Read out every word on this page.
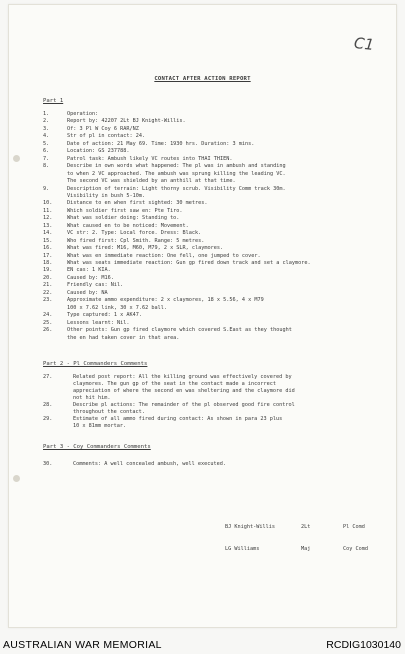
C1
CONTACT AFTER ACTION REPORT
Part 1
1.	Operation:
2.	Report by: 42207 2Lt BJ Knight-Willis.
3.	Of: 3 Pl W Coy 6 RAR/NZ
4.	Str of pl in contact: 24.
5.	Date of action: 21 May 69. Time: 1930 hrs. Duration: 3 mins.
6.	Location: GS 237788.
7.	Patrol task: Ambush likely VC routes into THAI THIEN.
8.	Describe in own words what happened: The pl was in ambush and standing
to when 2 VC approached. The ambush was sprung killing the leading VC.
The second VC was shielded by an anthill at that time.
9.	Description of terrain: Light thorny scrub. Visibility Comm track 30m.
Visibility in bush 5-10m.
10.	Distance to en when first sighted: 30 metres.
11.	Which soldier first saw en: Pte Tiro.
12.	What was soldier doing: Standing to.
13.	What caused en to be noticed: Movement.
14.	VC str: 2. Type: Local force. Dress: Black.
15.	Who fired first: Cpl Smith. Range: 5 metres.
16.	What was fired: M16, M60, M79, 2 x SLR, claymores.
17.	What was en immediate reaction: One fell, one jumped to cover.
18.	What was seats immediate reaction: Gun gp fired down track and set a claymore.
19.	EN cas: 1 KIA.
20.	Caused by: M16.
21.	Friendly cas: Nil.
22.	Caused by: NA
23.	Approximate ammo expenditure: 2 x claymores, 18 x 5.56, 4 x M79
100 x 7.62 link, 30 x 7.62 ball.
24.	Type captured: 1 x AK47.
25.	Lessons learnt: Nil.
26.	Other points: Gun gp fired claymore which covered S.East as they thought
the en had taken cover in that area.
Part 2 - Pl Commanders Comments
27.	Related post report: All the killing ground was effectively covered by
claymores. The gun gp of the seat in the contact made a incorrect
appreciation of where the second en was sheltering and the claymore did
not hit him.
28.	Describe pl actions: The remainder of the pl observed good fire control
throughout the contact.
29.	Estimate of all ammo fired during contact: As shown in para 23 plus
10 x 81mm mortar.
Part 3 - Coy Commanders Comments
30.	Comments: A well concealed ambush, well executed.
BJ Knight-Willis	2Lt	Pl Comd
LG Williams	Maj	Coy Comd
AUSTRALIAN WAR MEMORIAL	RCDIG1030140
